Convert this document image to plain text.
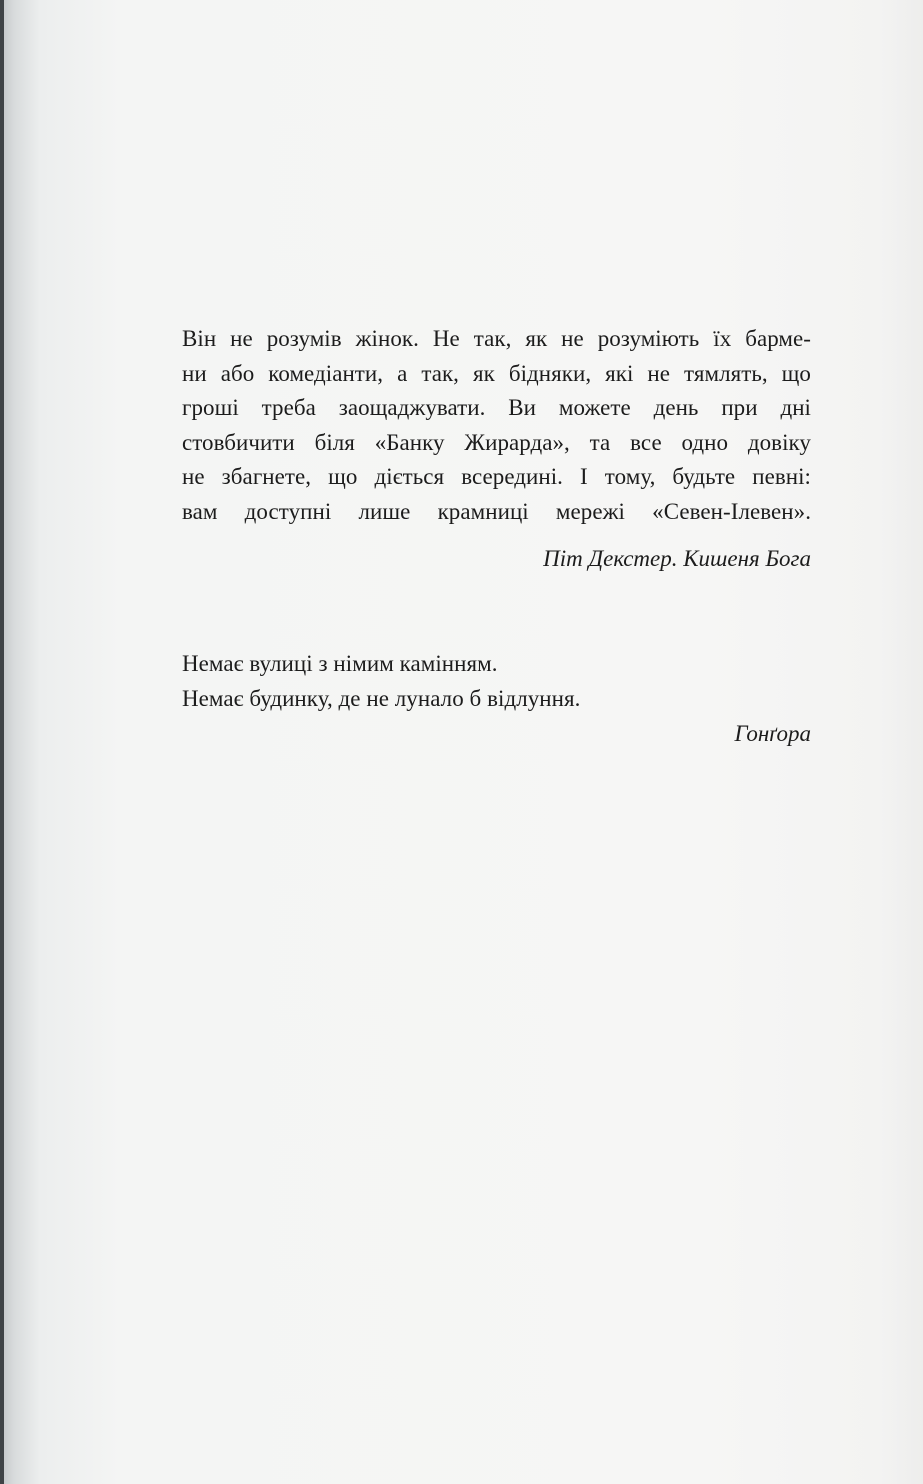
Він не розумів жінок. Не так, як не розуміють їх бармe-
ни або комедіанти, а так, як бідняки, які не тямлять, що
гроші треба заощаджувати. Ви можете день при дні
стовбичити біля «Банку Жирарда», та все одно довіку
не збагнете, що діється всередині. І тому, будьте певні:
вам доступні лише крамниці мережі «Севен-Ілевен».

Піт Декстер. Кишеня Бога

Немає вулиці з німим камінням.
Немає будинку, де не лунало б відлуння.

Гонґора
